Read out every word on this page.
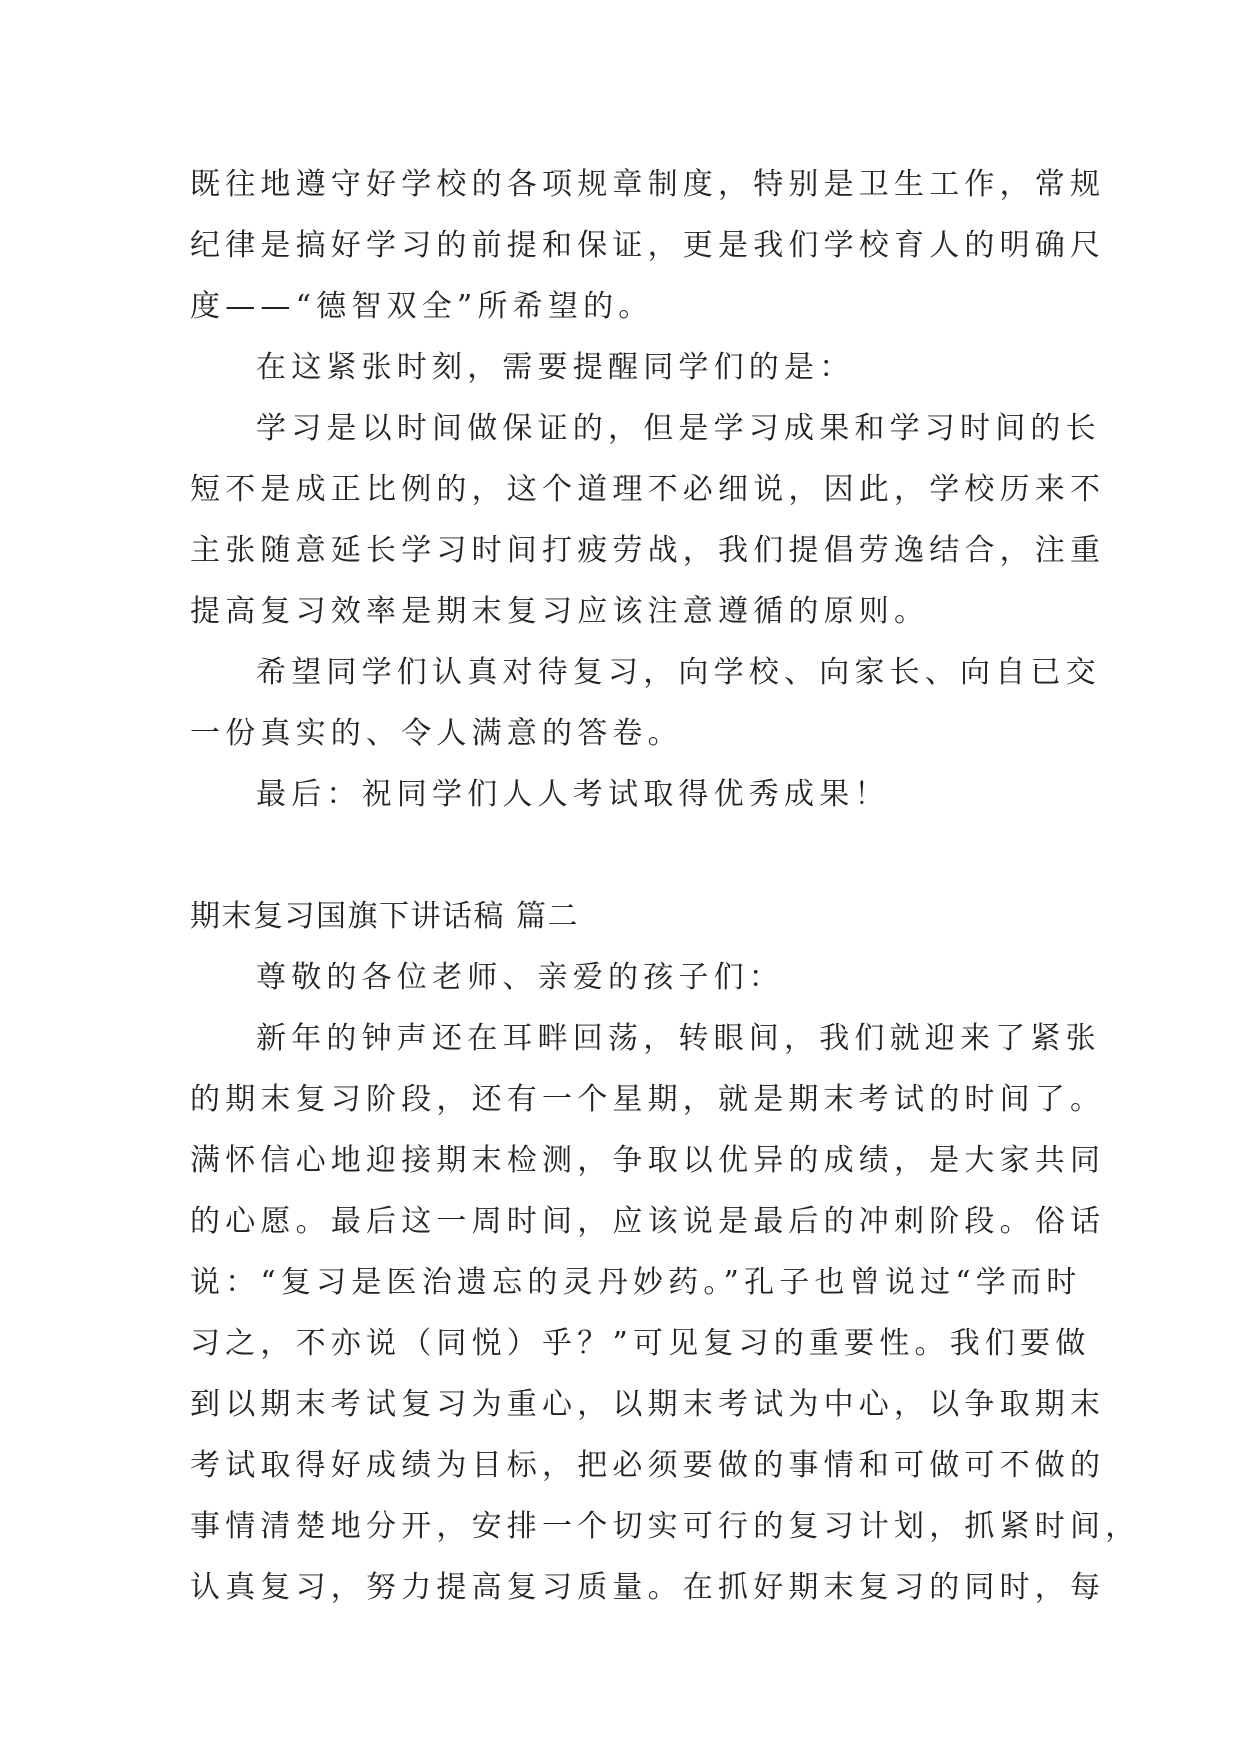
既往地遵守好学校的各项规章制度，特别是卫生工作，常规
纪律是搞好学习的前提和保证，更是我们学校育人的明确尺
度——“德智双全”所希望的。
在这紧张时刻，需要提醒同学们的是：
学习是以时间做保证的，但是学习成果和学习时间的长
短不是成正比例的，这个道理不必细说，因此，学校历来不
主张随意延长学习时间打疲劳战，我们提倡劳逸结合，注重
提高复习效率是期末复习应该注意遵循的原则。
希望同学们认真对待复习，向学校、向家长、向自已交
一份真实的、令人满意的答卷。
最后：祝同学们人人考试取得优秀成果！
期末复习国旗下讲话稿 篇二
尊敬的各位老师、亲爱的孩子们：
新年的钟声还在耳畔回荡，转眼间，我们就迎来了紧张
的期末复习阶段，还有一个星期，就是期末考试的时间了。
满怀信心地迎接期末检测，争取以优异的成绩，是大家共同
的心愿。最后这一周时间，应该说是最后的冲刺阶段。俗话
说：“复习是医治遗忘的灵丹妙药。”孔子也曾说过“学而时
习之，不亦说（同悦）乎？”可见复习的重要性。我们要做
到以期末考试复习为重心，以期末考试为中心，以争取期末
考试取得好成绩为目标，把必须要做的事情和可做可不做的
事情清楚地分开，安排一个切实可行的复习计划，抓紧时间，
认真复习，努力提高复习质量。在抓好期末复习的同时，每
